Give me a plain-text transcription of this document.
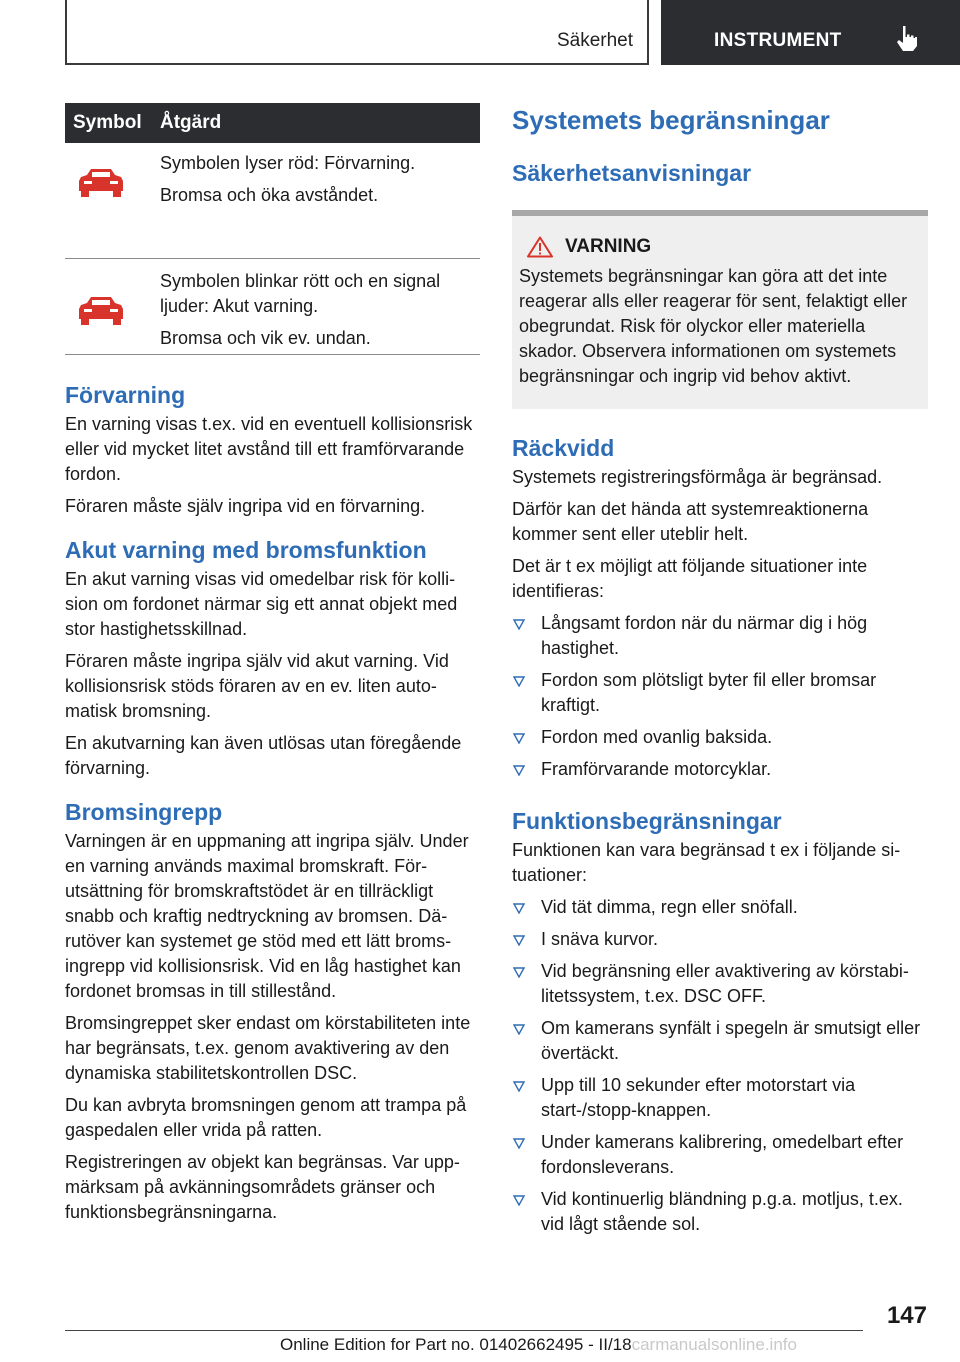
Säkerhet	INSTRUMENT
Symbol Åtgärd

Symbolen lyser röd: Förvarning.

Bromsa och öka avståndet.

Symbolen blinkar rött och en signal ljuder: Akut varning.

Bromsa och vik ev. undan.

Förvarning

En varning visas t.ex. vid en eventuell kollisionsrisk eller vid mycket litet avstånd till ett framförvarande fordon.

Föraren måste själv ingripa vid en förvarning.

Akut varning med bromsfunktion

En akut varning visas vid omedelbar risk för kollision om fordonet närmar sig ett annat objekt med stor hastighetsskillnad.

Föraren måste ingripa själv vid akut varning. Vid kollisionsrisk stöds föraren av en ev. liten automatisk bromsning.

En akutvarning kan även utlösas utan föregående förvarning.

Bromsingrepp

Varningen är en uppmaning att ingripa själv. Under en varning används maximal bromskraft. Förutsättning för bromskraftstödet är en tillräckligt snabb och kraftig nedtryckning av bromsen. Därutöver kan systemet ge stöd med ett lätt bromsingrepp vid kollisionsrisk. Vid en låg hastighet kan fordonet bromsas in till stillestånd.

Bromsingreppet sker endast om körstabiliteten inte har begränsats, t.ex. genom avaktivering av den dynamiska stabilitetskontrollen DSC.

Du kan avbryta bromsningen genom att trampa på gaspedalen eller vrida på ratten.

Registreringen av objekt kan begränsas. Var uppmärksam på avkänningsområdets gränser och funktionsbegränsningarna.

Systemets begränsningar
Säkerhetsanvisningar
VARNING

Systemets begränsningar kan göra att det inte reagerar alls eller reagerar för sent, felaktigt eller obegrundat. Risk för olyckor eller materiella skador. Observera informationen om systemets begränsningar och ingrip vid behov aktivt.

Räckvidd

Systemets registreringsförmåga är begränsad.

Därför kan det hända att systemreaktionerna kommer sent eller uteblir helt.

Det är t ex möjligt att följande situationer inte identifieras:

Långsamt fordon när du närmar dig i hög hastighet.
Fordon som plötsligt byter fil eller bromsar kraftigt.
Fordon med ovanlig baksida.
Framförvarande motorcyklar.
Funktionsbegränsningar

Funktionen kan vara begränsad t ex i följande situationer:

Vid tät dimma, regn eller snöfall.
I snäva kurvor.
Vid begränsning eller avaktivering av körstabilitetssystem, t.ex. DSC OFF.
Om kamerans synfält i spegeln är smutsigt eller övertäckt.
Upp till 10 sekunder efter motorstart via start-/stopp-knappen.
Under kamerans kalibrering, omedelbart efter fordonsleverans.
Vid kontinuerlig bländning p.g.a. motljus, t.ex. vid lågt stående sol.
147
Online Edition for Part no. 01402662495 - II/18carmanualsonline.info
